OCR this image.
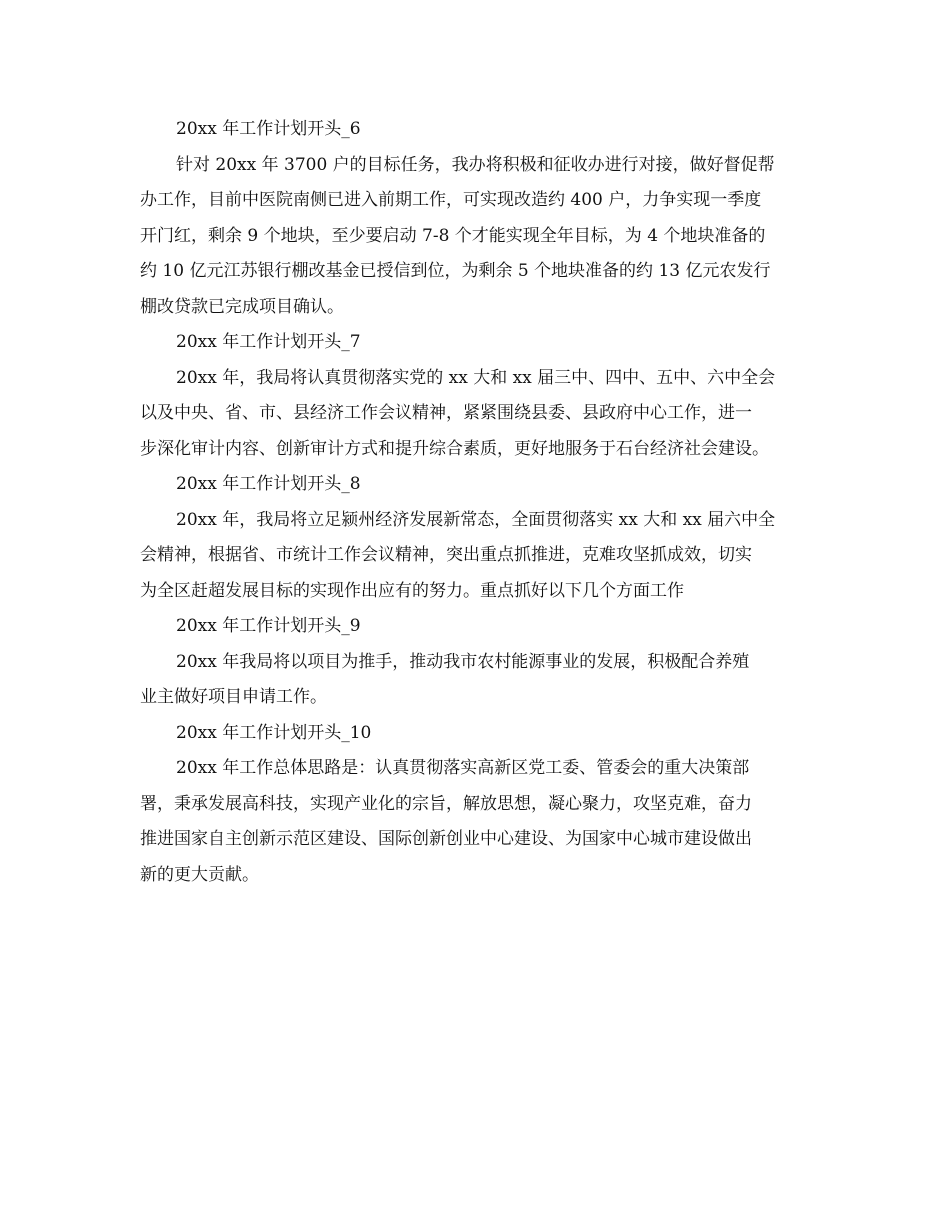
20xx 年工作计划开头_6

针对 20xx 年 3700 户的目标任务，我办将积极和征收办进行对接，做好督促帮
办工作，目前中医院南侧已进入前期工作，可实现改造约 400 户，力争实现一季度
开门红，剩余 9 个地块，至少要启动 7-8 个才能实现全年目标，为 4 个地块准备的
约 10 亿元江苏银行棚改基金已授信到位，为剩余 5 个地块准备的约 13 亿元农发行
棚改贷款已完成项目确认。

20xx 年工作计划开头_7

20xx 年，我局将认真贯彻落实党的 xx 大和 xx 届三中、四中、五中、六中全会
以及中央、省、市、县经济工作会议精神，紧紧围绕县委、县政府中心工作，进一
步深化审计内容、创新审计方式和提升综合素质，更好地服务于石台经济社会建设。

20xx 年工作计划开头_8

20xx 年，我局将立足颍州经济发展新常态，全面贯彻落实 xx 大和 xx 届六中全
会精神，根据省、市统计工作会议精神，突出重点抓推进，克难攻坚抓成效，切实
为全区赶超发展目标的实现作出应有的努力。重点抓好以下几个方面工作

20xx 年工作计划开头_9

20xx 年我局将以项目为推手，推动我市农村能源事业的发展，积极配合养殖
业主做好项目申请工作。

20xx 年工作计划开头_10

20xx 年工作总体思路是：认真贯彻落实高新区党工委、管委会的重大决策部
署，秉承发展高科技，实现产业化的宗旨，解放思想，凝心聚力，攻坚克难，奋力
推进国家自主创新示范区建设、国际创新创业中心建设、为国家中心城市建设做出
新的更大贡献。
